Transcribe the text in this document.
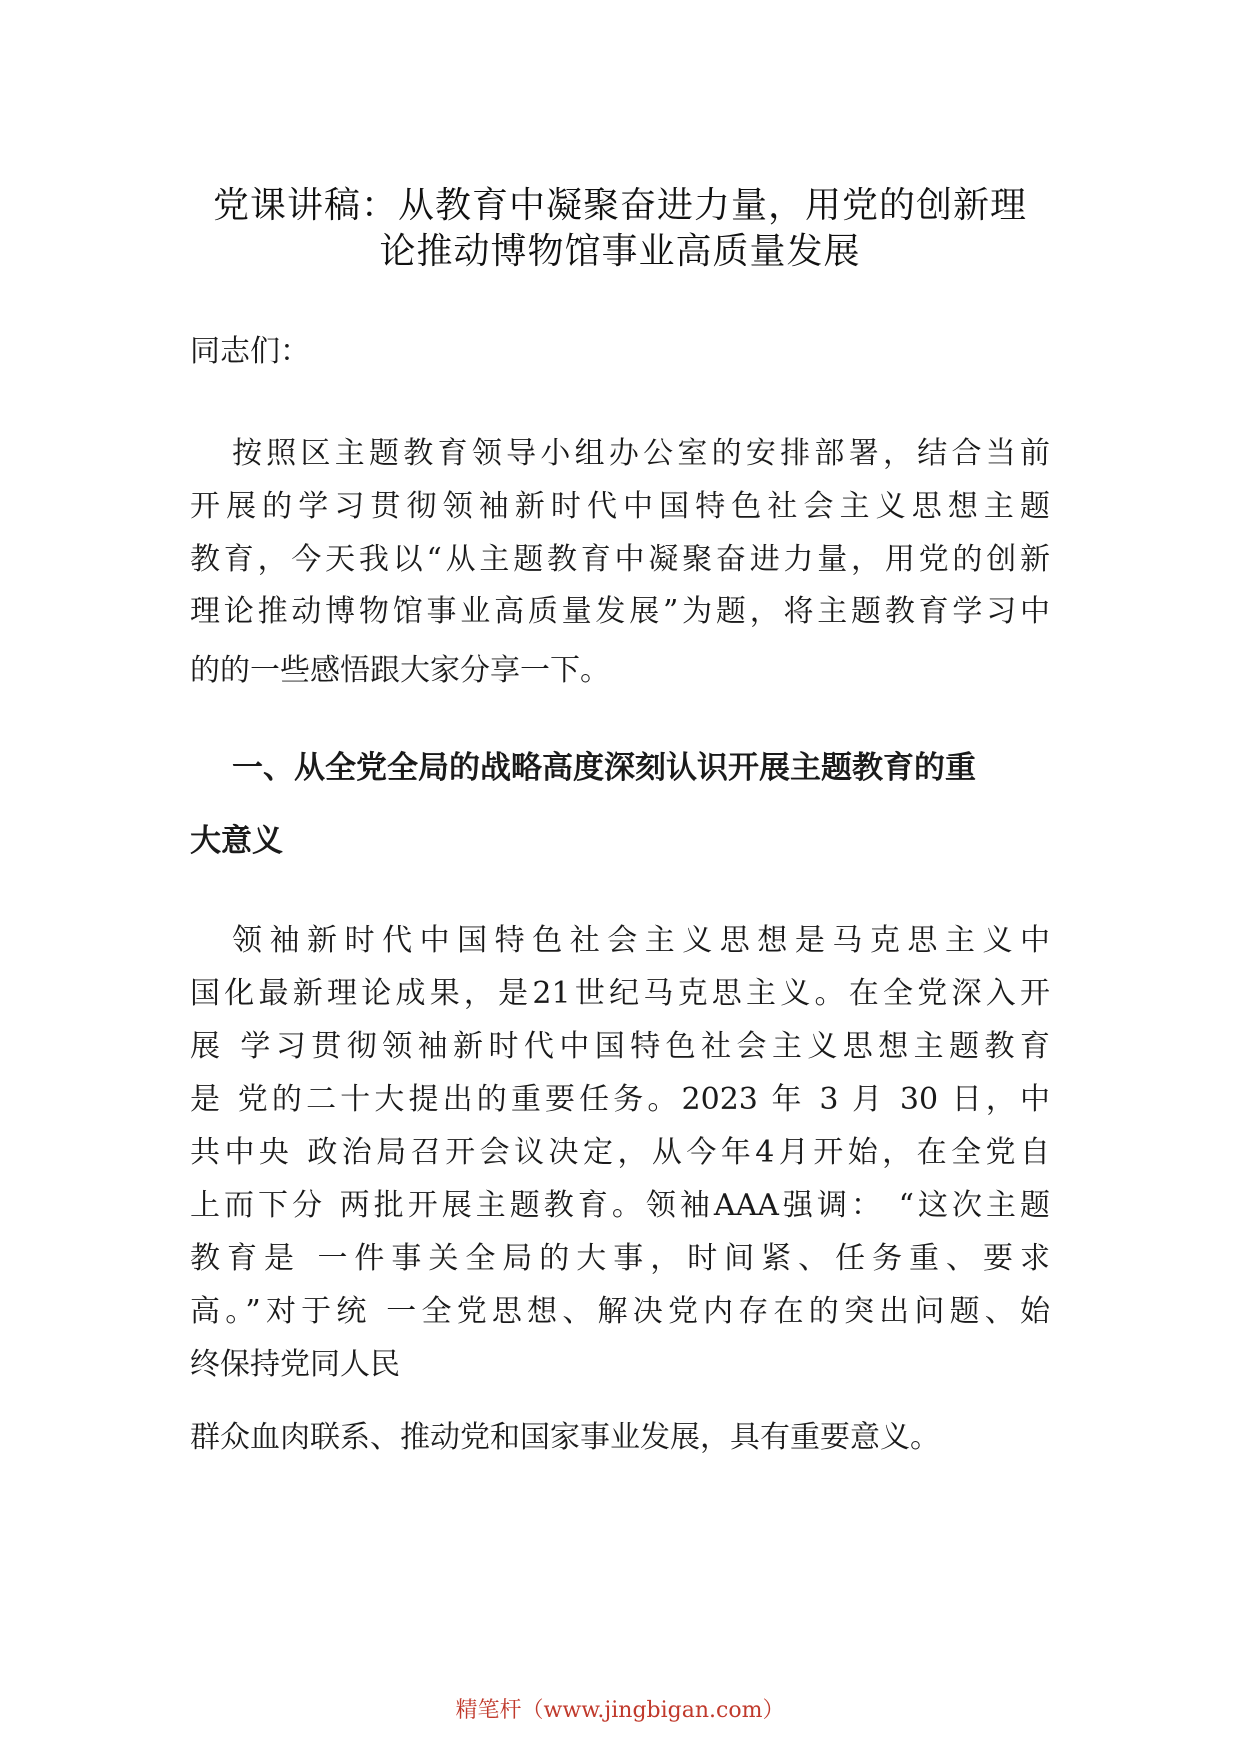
党课讲稿：从教育中凝聚奋进力量，用党的创新理
论推动博物馆事业高质量发展
同志们：
按照区主题教育领导小组办公室的安排部署，结合当前
开展的学习贯彻领袖新时代中国特色社会主义思想主题
教育，今天我以“从主题教育中凝聚奋进力量，用党的创新
理论推动博物馆事业高质量发展”为题，将主题教育学习中
的的一些感悟跟大家分享一下。
一、从全党全局的战略高度深刻认识开展主题教育的重
大意义
领袖新时代中国特色社会主义思想是马克思主义中
国化最新理论成果，是21世纪马克思主义。在全党深入开
展 学习贯彻领袖新时代中国特色社会主义思想主题教育
是 党的二十大提出的重要任务。2023 年 3 月 30 日，中
共中央 政治局召开会议决定，从今年4月开始，在全党自
上而下分 两批开展主题教育。领袖AAA强调： “这次主题
教育是 一件事关全局的大事，时间紧、任务重、要求
高。”对于统 一全党思想、解决党内存在的突出问题、始
终保持党同人民
群众血肉联系、推动党和国家事业发展，具有重要意义。
精笔杆（www.jingbigan.com）
